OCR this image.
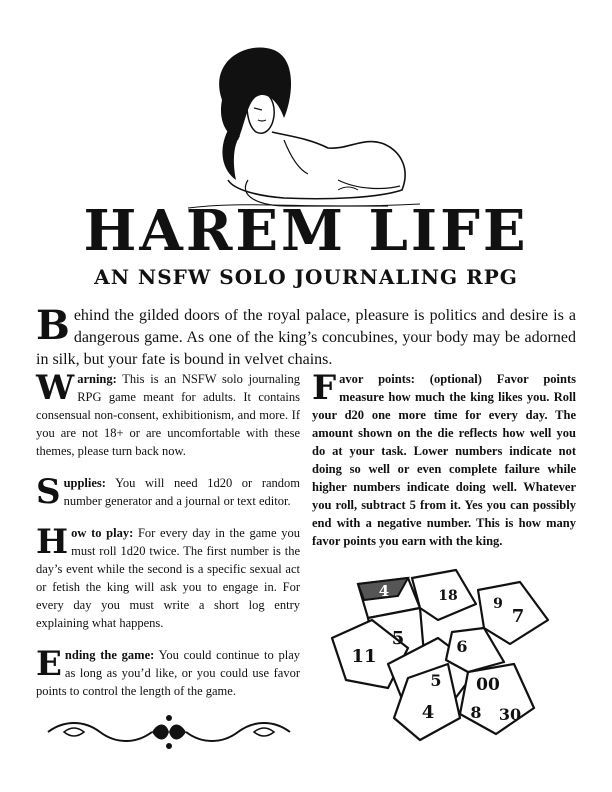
HAREM LIFE
AN NSFW SOLO JOURNALING RPG

Behind the gilded doors of the royal palace, pleasure is politics and desire is a dangerous game. As one of the king’s concubines, your body may be adorned in silk, but your fate is bound in velvet chains.

Warning: This is an NSFW solo journaling RPG game meant for adults. It contains consensual non-consent, exhibitionism, and more. If you are not 18+ or are uncomfortable with these themes, please turn back now.

Supplies: You will need 1d20 or random number generator and a journal or text editor.

How to play: For every day in the game you must roll 1d20 twice. The first number is the day’s event while the second is a specific sexual act or fetish the king will ask you to engage in. For every day you must write a short log entry explaining what happens.

Ending the game: You could continue to play as long as you’d like, or you could use favor points to control the length of the game.

Favor points: (optional) Favor points measure how much the king likes you. Roll your d20 one more time for every day. The amount shown on the die reflects how well you do at your task. Lower numbers indicate not doing so well or even complete failure while higher numbers indicate doing well. Whatever you roll, subtract 5 from it. Yes you can possibly end with a negative number. This is how many favor points you earn with the king.

4	18
5	6
7
11
5
9
4
00
8 30
